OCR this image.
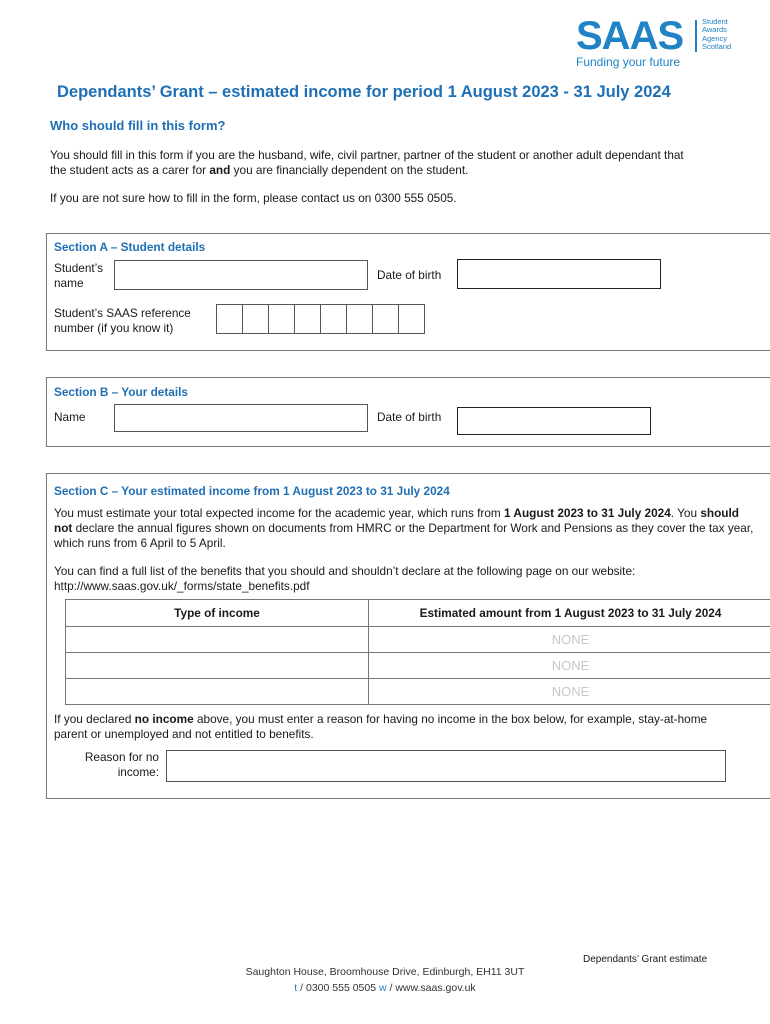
SAAS	Student
Awards
Agency
Scotland
Funding your future
Dependants’ Grant – estimated income for period 1 August 2023 - 31 July 2024
Who should fill in this form?
You should fill in this form if you are the husband, wife, civil partner, partner of the student or another adult dependant that the student acts as a carer for and you are financially dependent on the student.
If you are not sure how to fill in the form, please contact us on 0300 555 0505.
Section A – Student details
Student’s name
Date of birth
Student’s SAAS reference number (if you know it)
Section B – Your details
Name	Date of birth
Section C – Your estimated income from 1 August 2023 to 31 July 2024
You must estimate your total expected income for the academic year, which runs from 1 August 2023 to 31 July 2024. You should not declare the annual figures shown on documents from HMRC or the Department for Work and Pensions as they cover the tax year, which runs from 6 April to 5 April.
You can find a full list of the benefits that you should and shouldn’t declare at the following page on our website: http://www.saas.gov.uk/_forms/state_benefits.pdf
Type of income	Estimated amount from 1 August 2023 to 31 July 2024
	NONE
	NONE
	NONE
If you declared no income above, you must enter a reason for having no income in the box below, for example, stay-at-home parent or unemployed and not entitled to benefits.
Reason for no income:
Dependants’ Grant estimate
Saughton House, Broomhouse Drive, Edinburgh, EH11 3UT
t / 0300 555 0505 w / www.saas.gov.uk
